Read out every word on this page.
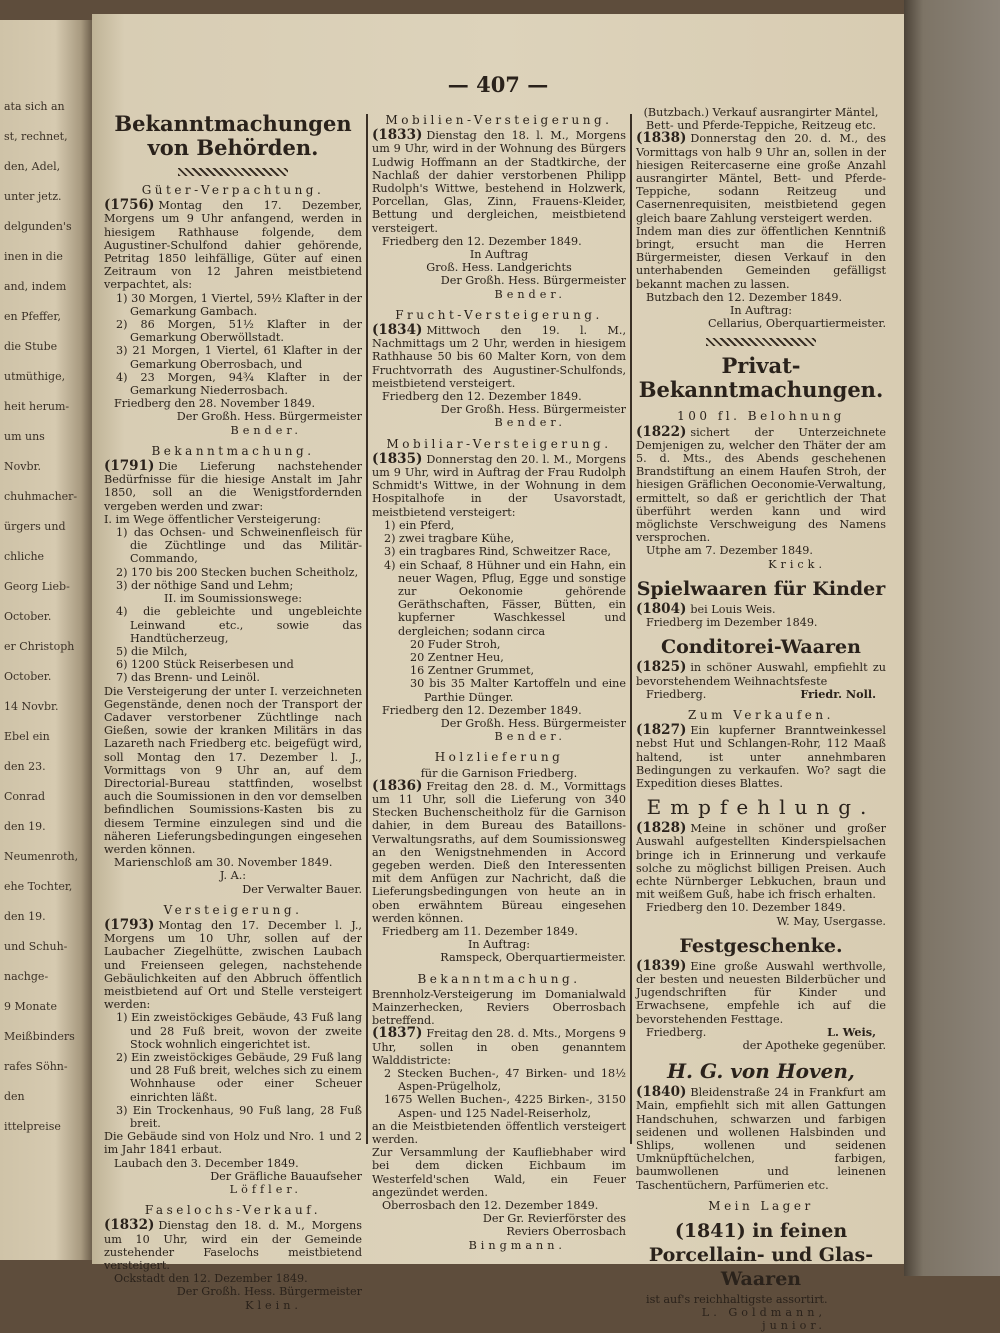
ata sich an
st, rechnet,
den, Adel,
unter jetz.
delgunden's
inen in die
and, indem
en Pfeffer,
die Stube
utmüthige,
heit herum-
um uns
Novbr.
chuhmacher-
ürgers und
chliche
Georg Lieb-
October.
er Christoph
October.
14 Novbr.
Ebel ein
den 23.
Conrad
den 19.
Neumenroth,
ehe Tochter,
den 19.
und Schuh-
nachge-
9 Monate
Meißbinders
rafes Söhn-
den
ittelpreise
— 407 —
Bekanntmachungen von Behörden.
Güter-Verpachtung.
(1756) Montag den 17. Dezember, Morgens um 9 Uhr anfangend, werden in hiesigem Rathhause folgende, dem Augustiner-Schulfond dahier gehörende, Petritag 1850 leihfällige, Güter auf einen Zeitraum von 12 Jahren meistbietend verpachtet, als:
1) 30 Morgen, 1 Viertel, 59½ Klafter in der Gemarkung Gambach.
2) 86 Morgen, 51½ Klafter in der Gemarkung Oberwöllstadt.
3) 21 Morgen, 1 Viertel, 61 Klafter in der Gemarkung Oberrosbach, und
4) 23 Morgen, 94¾ Klafter in der Gemarkung Niederrosbach.
Friedberg den 28. November 1849.
Der Großh. Hess. Bürgermeister
Bender.
Bekanntmachung.
(1791) Die Lieferung nachstehender Bedürfnisse für die hiesige Anstalt im Jahr 1850, soll an die Wenigstfordernden vergeben werden und zwar:
I. im Wege öffentlicher Versteigerung:
1) das Ochsen- und Schweinenfleisch für die Züchtlinge und das Militär-Commando,
2) 170 bis 200 Stecken buchen Scheitholz,
3) der nöthige Sand und Lehm;
II. im Soumissionswege:
4) die gebleichte und ungebleichte Leinwand etc., sowie das Handtücherzeug,
5) die Milch,
6) 1200 Stück Reiserbesen und
7) das Brenn- und Leinöl.
Die Versteigerung der unter I. verzeichneten Gegenstände, denen noch der Transport der Cadaver verstorbener Züchtlinge nach Gießen, sowie der kranken Militärs in das Lazareth nach Friedberg etc. beigefügt wird, soll Montag den 17. Dezember l. J., Vormittags von 9 Uhr an, auf dem Directorial-Bureau stattfinden, woselbst auch die Soumissionen in den vor demselben befindlichen Soumissions-Kasten bis zu diesem Termine einzulegen sind und die näheren Lieferungsbedingungen eingesehen werden können.
Marienschloß am 30. November 1849.
J. A.:
Der Verwalter Bauer.
Versteigerung.
(1793) Montag den 17. December l. J., Morgens um 10 Uhr, sollen auf der Laubacher Ziegelhütte, zwischen Laubach und Freienseen gelegen, nachstehende Gebäulichkeiten auf den Abbruch öffentlich meistbietend auf Ort und Stelle versteigert werden:
1) Ein zweistöckiges Gebäude, 43 Fuß lang und 28 Fuß breit, wovon der zweite Stock wohnlich eingerichtet ist.
2) Ein zweistöckiges Gebäude, 29 Fuß lang und 28 Fuß breit, welches sich zu einem Wohnhause oder einer Scheuer einrichten läßt.
3) Ein Trockenhaus, 90 Fuß lang, 28 Fuß breit.
Die Gebäude sind von Holz und Nro. 1 und 2 im Jahr 1841 erbaut.
Laubach den 3. December 1849.
Der Gräfliche Bauaufseher
Löffler.
Faselochs-Verkauf.
(1832) Dienstag den 18. d. M., Morgens um 10 Uhr, wird ein der Gemeinde zustehender Faselochs meistbietend versteigert.
Ockstadt den 12. Dezember 1849.
Der Großh. Hess. Bürgermeister
Klein.
Mobilien-Versteigerung.
(1833) Dienstag den 18. l. M., Morgens um 9 Uhr, wird in der Wohnung des Bürgers Ludwig Hoffmann an der Stadtkirche, der Nachlaß der dahier verstorbenen Philipp Rudolph's Wittwe, bestehend in Holzwerk, Porcellan, Glas, Zinn, Frauens-Kleider, Bettung und dergleichen, meistbietend versteigert.
Friedberg den 12. Dezember 1849.
In Auftrag
Groß. Hess. Landgerichts
Der Großh. Hess. Bürgermeister
Bender.
Frucht-Versteigerung.
(1834) Mittwoch den 19. l. M., Nachmittags um 2 Uhr, werden in hiesigem Rathhause 50 bis 60 Malter Korn, von dem Fruchtvorrath des Augustiner-Schulfonds, meistbietend versteigert.
Friedberg den 12. Dezember 1849.
Der Großh. Hess. Bürgermeister
Bender.
Mobiliar-Versteigerung.
(1835) Donnerstag den 20. l. M., Morgens um 9 Uhr, wird in Auftrag der Frau Rudolph Schmidt's Wittwe, in der Wohnung in dem Hospitalhofe in der Usavorstadt, meistbietend versteigert:
1) ein Pferd,
2) zwei tragbare Kühe,
3) ein tragbares Rind, Schweitzer Race,
4) ein Schaaf, 8 Hühner und ein Hahn, ein neuer Wagen, Pflug, Egge und sonstige zur Oekonomie gehörende Geräthschaften, Fässer, Bütten, ein kupferner Waschkessel und dergleichen; sodann circa
20 Fuder Stroh,
20 Zentner Heu,
16 Zentner Grummet,
30 bis 35 Malter Kartoffeln und eine Parthie Dünger.
Friedberg den 12. Dezember 1849.
Der Großh. Hess. Bürgermeister
Bender.
Holzlieferung
für die Garnison Friedberg.
(1836) Freitag den 28. d. M., Vormittags um 11 Uhr, soll die Lieferung von 340 Stecken Buchenscheitholz für die Garnison dahier, in dem Bureau des Bataillons-Verwaltungsraths, auf dem Soumissionsweg an den Wenigstnehmenden in Accord gegeben werden. Dieß den Interessenten mit dem Anfügen zur Nachricht, daß die Lieferungsbedingungen von heute an in oben erwähntem Büreau eingesehen werden können.
Friedberg am 11. Dezember 1849.
In Auftrag:
Ramspeck, Oberquartiermeister.
Bekanntmachung.
Brennholz-Versteigerung im Domanialwald Mainzerhecken, Reviers Oberrosbach betreffend.
(1837) Freitag den 28. d. Mts., Morgens 9 Uhr, sollen in oben genanntem Walddistricte:
2 Stecken Buchen-, 47 Birken- und 18½ Aspen-Prügelholz,
1675 Wellen Buchen-, 4225 Birken-, 3150 Aspen- und 125 Nadel-Reiserholz,
an die Meistbietenden öffentlich versteigert werden.
Zur Versammlung der Kaufliebhaber wird bei dem dicken Eichbaum im Westerfeld'schen Wald, ein Feuer angezündet werden.
Oberrosbach den 12. Dezember 1849.
Der Gr. Revierförster des
Reviers Oberrosbach
Bingmann.
(Butzbach.) Verkauf ausrangirter Mäntel, Bett- und Pferde-Teppiche, Reitzeug etc.
(1838) Donnerstag den 20. d. M., des Vormittags von halb 9 Uhr an, sollen in der hiesigen Reitercaserne eine große Anzahl ausrangirter Mäntel, Bett- und Pferde-Teppiche, sodann Reitzeug und Casernenrequisiten, meistbietend gegen gleich baare Zahlung versteigert werden.
Indem man dies zur öffentlichen Kenntniß bringt, ersucht man die Herren Bürgermeister, diesen Verkauf in den unterhabenden Gemeinden gefälligst bekannt machen zu lassen.
Butzbach den 12. Dezember 1849.
In Auftrag:
Cellarius, Oberquartiermeister.
Privat-Bekanntmachungen.
100 fl. Belohnung
(1822) sichert der Unterzeichnete Demjenigen zu, welcher den Thäter der am 5. d. Mts., des Abends geschehenen Brandstiftung an einem Haufen Stroh, der hiesigen Gräflichen Oeconomie-Verwaltung, ermittelt, so daß er gerichtlich der That überführt werden kann und wird möglichste Verschweigung des Namens versprochen.
Utphe am 7. Dezember 1849.
Krick.
Spielwaaren für Kinder
(1804) bei Louis Weis.
Friedberg im Dezember 1849.
Conditorei-Waaren
(1825) in schöner Auswahl, empfiehlt zu bevorstehendem Weihnachtsfeste
Friedberg.	Friedr. Noll.
Zum Verkaufen.
(1827) Ein kupferner Branntweinkessel nebst Hut und Schlangen-Rohr, 112 Maaß haltend, ist unter annehmbaren Bedingungen zu verkaufen. Wo? sagt die Expedition dieses Blattes.
Empfehlung.
(1828) Meine in schöner und großer Auswahl aufgestellten Kinderspielsachen bringe ich in Erinnerung und verkaufe solche zu möglichst billigen Preisen. Auch echte Nürnberger Lebkuchen, braun und mit weißem Guß, habe ich frisch erhalten.
Friedberg den 10. Dezember 1849.
W. May, Usergasse.
Festgeschenke.
(1839) Eine große Auswahl werthvolle, der besten und neuesten Bilderbücher und Jugendschriften für Kinder und Erwachsene, empfehle ich auf die bevorstehenden Festtage.
Friedberg.	L. Weis,
der Apotheke gegenüber.
H. G. von Hoven,
(1840) Bleidenstraße 24 in Frankfurt am Main, empfiehlt sich mit allen Gattungen Handschuhen, schwarzen und farbigen seidenen und wollenen Halsbinden und Shlips, wollenen und seidenen Umknüpftüchelchen, farbigen, baumwollenen und leinenen Taschentüchern, Parfümerien etc.
Mein Lager
(1841) in feinen Porcellain- und Glas-Waaren
ist auf's reichhaltigste assortirt.
L. Goldmann, junior.
